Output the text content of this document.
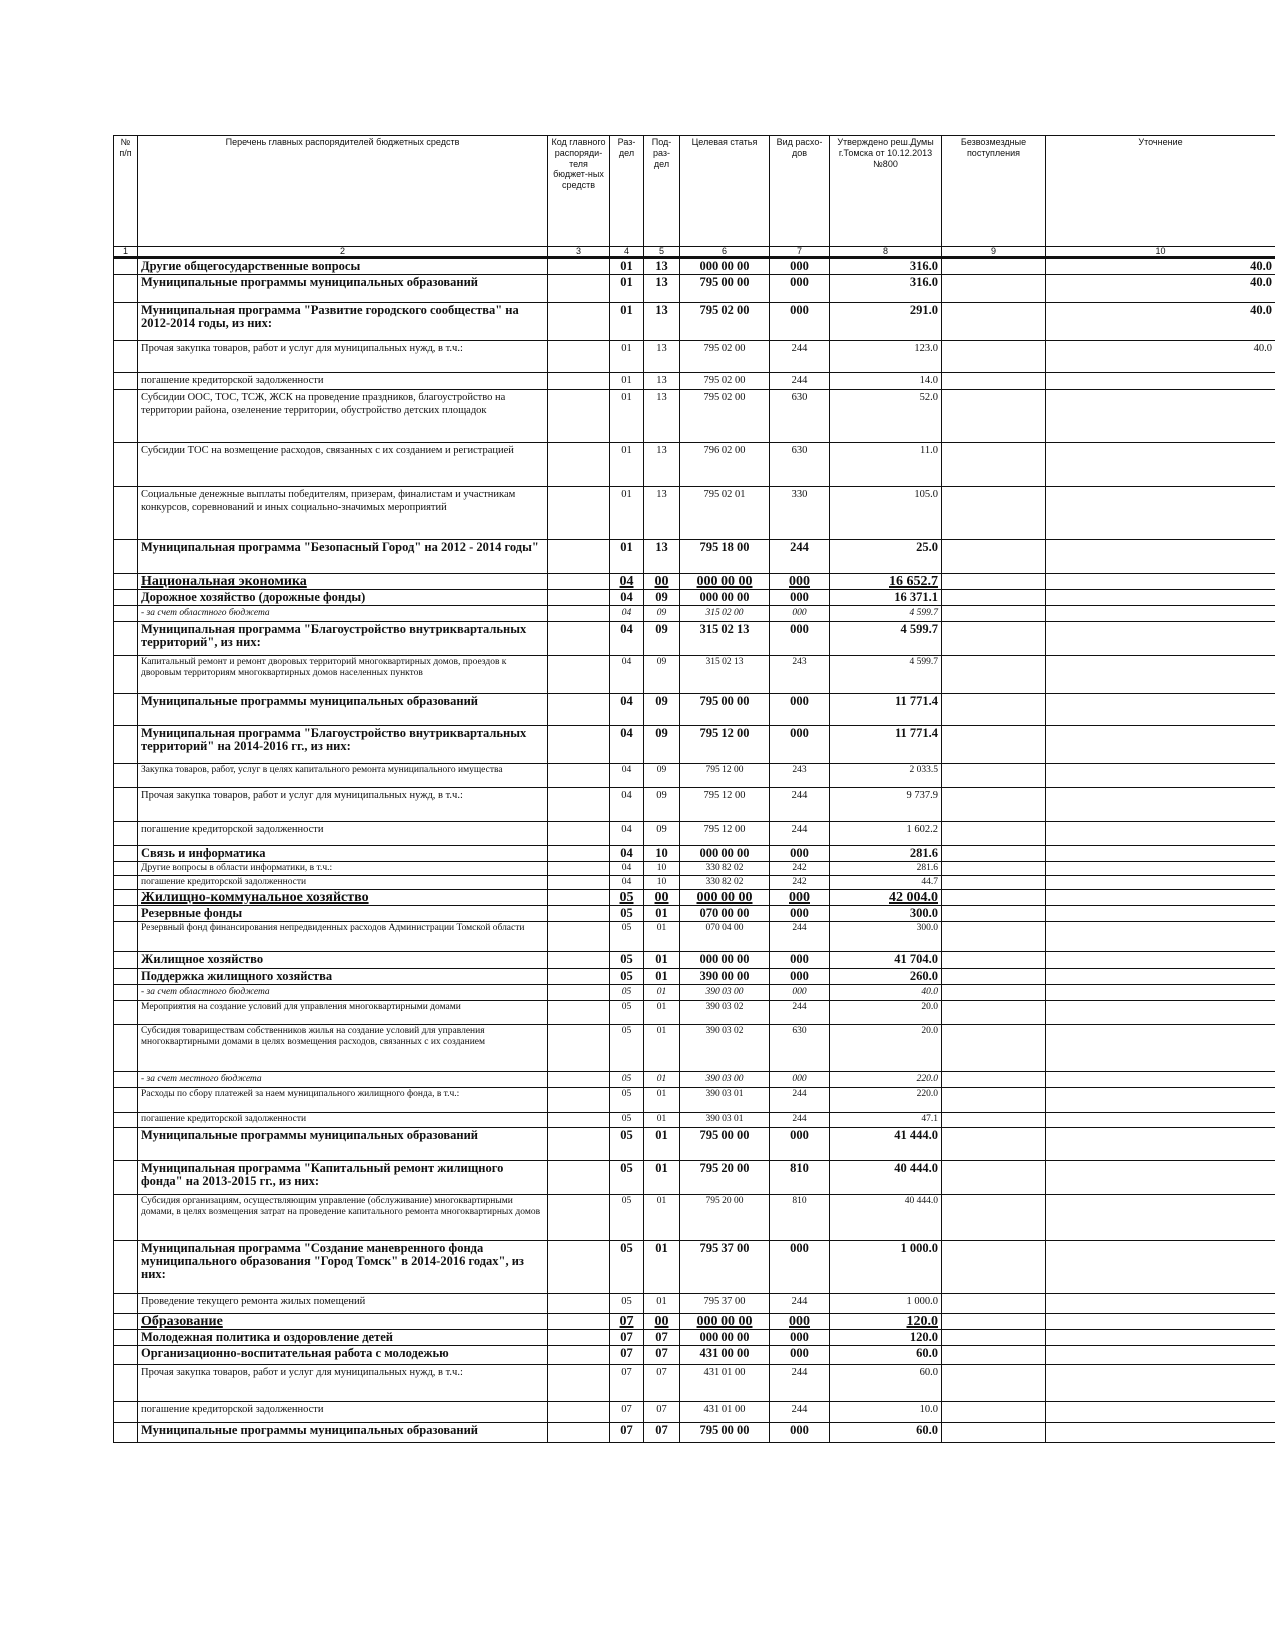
№ п/п	Перечень главных распорядителей бюджетных средств	Код главного распоряди-теля бюджет-ных средств	Раз-дел	Под-раз-дел	Целевая статья	Вид расхо-дов	Утверждено реш.Думы г.Томска от 10.12.2013 №800	Безвозмездные поступления	Уточнение
1	2	3	4	5	6	7	8	9	10
	Другие общегосударственные вопросы		01	13	000 00 00	000	316.0		40.0
	Муниципальные программы муниципальных образований		01	13	795 00 00	000	316.0		40.0
	Муниципальная программа "Развитие городского сообщества" на 2012-2014 годы, из них:		01	13	795 02 00	000	291.0		40.0
	Прочая закупка товаров, работ и услуг для муниципальных нужд, в т.ч.:		01	13	795 02 00	244	123.0		40.0
	погашение кредиторской задолженности		01	13	795 02 00	244	14.0		
	Субсидии ООС, ТОС, ТСЖ, ЖСК на проведение праздников, благоустройство на территории района, озеленение территории, обустройство детских площадок		01	13	795 02 00	630	52.0		
	Субсидии ТОС на возмещение расходов, связанных с их созданием и регистрацией		01	13	796 02 00	630	11.0		
	Социальные денежные выплаты победителям, призерам, финалистам и участникам конкурсов, соревнований и иных социально-значимых мероприятий		01	13	795 02 01	330	105.0		
	Муниципальная программа "Безопасный Город" на 2012 - 2014 годы"		01	13	795 18 00	244	25.0		
	Национальная экономика		04	00	000 00 00	000	16 652.7		
	Дорожное хозяйство (дорожные фонды)		04	09	000 00 00	000	16 371.1		
	- за счет областного бюджета		04	09	315 02 00	000	4 599.7		
	Муниципальная программа "Благоустройство внутриквартальных территорий", из них:		04	09	315 02 13	000	4 599.7		
	Капитальный ремонт и ремонт дворовых территорий многоквартирных домов, проездов к дворовым территориям многоквартирных домов населенных пунктов		04	09	315 02 13	243	4 599.7		
	Муниципальные программы муниципальных образований		04	09	795 00 00	000	11 771.4		
	Муниципальная программа "Благоустройство внутриквартальных территорий" на 2014-2016 гг., из них:		04	09	795 12 00	000	11 771.4		
	Закупка товаров, работ, услуг в целях капитального ремонта муниципального имущества		04	09	795 12 00	243	2 033.5		
	Прочая закупка товаров, работ и услуг для муниципальных нужд, в т.ч.:		04	09	795 12 00	244	9 737.9		
	погашение кредиторской задолженности		04	09	795 12 00	244	1 602.2		
	Связь и информатика		04	10	000 00 00	000	281.6		
	Другие вопросы в области информатики, в т.ч.:		04	10	330 82 02	242	281.6		
	погашение кредиторской задолженности		04	10	330 82 02	242	44.7		
	Жилищно-коммунальное хозяйство		05	00	000 00 00	000	42 004.0		
	Резервные фонды		05	01	070 00 00	000	300.0		
	Резервный фонд финансирования непредвиденных расходов Администрации Томской области		05	01	070 04 00	244	300.0		
	Жилищное хозяйство		05	01	000 00 00	000	41 704.0		
	Поддержка жилищного хозяйства		05	01	390 00 00	000	260.0		
	- за счет областного бюджета		05	01	390 03 00	000	40.0		
	Мероприятия на создание условий для управления многоквартирными домами		05	01	390 03 02	244	20.0		
	Субсидия товариществам собственников жилья на создание условий для управления многоквартирными домами в целях возмещения расходов, связанных с их созданием		05	01	390 03 02	630	20.0		
	- за счет местного бюджета		05	01	390 03 00	000	220.0		
	Расходы по сбору платежей за наем муниципального жилищного фонда, в т.ч.:		05	01	390 03 01	244	220.0		
	погашение кредиторской задолженности		05	01	390 03 01	244	47.1		
	Муниципальные программы муниципальных образований		05	01	795 00 00	000	41 444.0		
	Муниципальная программа "Капитальный ремонт жилищного фонда" на 2013-2015 гг., из них:		05	01	795 20 00	810	40 444.0		
	Субсидия организациям, осуществляющим управление (обслуживание) многоквартирными домами, в целях возмещения затрат на проведение капитального ремонта многоквартирных домов		05	01	795 20 00	810	40 444.0		
	Муниципальная программа "Создание маневренного фонда муниципального образования "Город Томск" в 2014-2016 годах", из них:		05	01	795 37 00	000	1 000.0		
	Проведение текущего ремонта жилых помещений		05	01	795 37 00	244	1 000.0		
	Образование		07	00	000 00 00	000	120.0		
	Молодежная политика и оздоровление детей		07	07	000 00 00	000	120.0		
	Организационно-воспитательная работа с молодежью		07	07	431 00 00	000	60.0		
	Прочая закупка товаров, работ и услуг для муниципальных нужд, в т.ч.:		07	07	431 01 00	244	60.0		
	погашение кредиторской задолженности		07	07	431 01 00	244	10.0		
	Муниципальные программы муниципальных образований		07	07	795 00 00	000	60.0		
